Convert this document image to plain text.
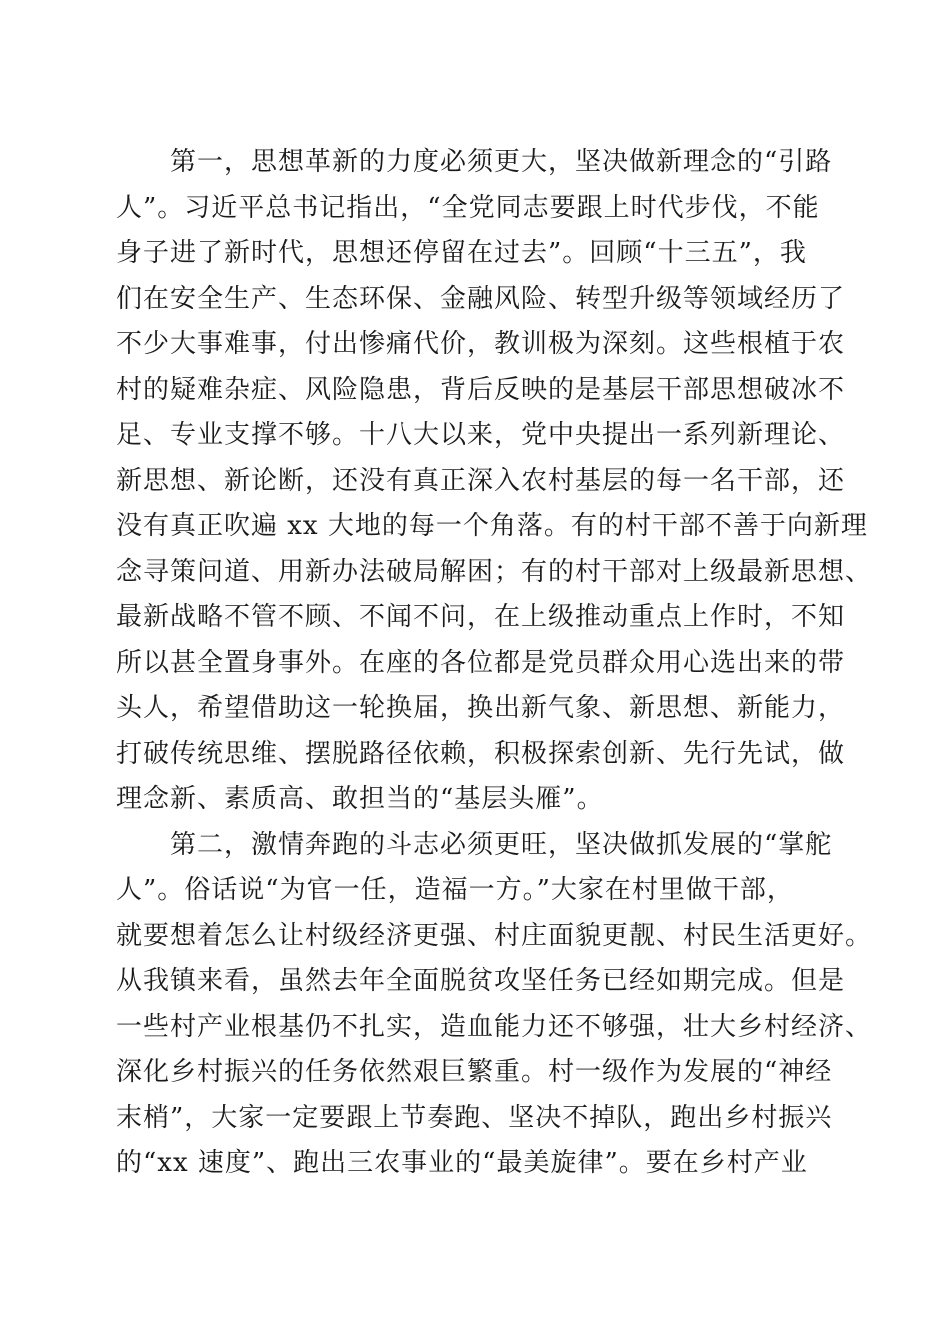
　　第一，思想革新的力度必须更大，坚决做新理念的“引路
人”。习近平总书记指出，“全党同志要跟上时代步伐，不能
身子进了新时代，思想还停留在过去”。回顾“十三五”，我
们在安全生产、生态环保、金融风险、转型升级等领域经历了
不少大事难事，付出惨痛代价，教训极为深刻。这些根植于农
村的疑难杂症、风险隐患，背后反映的是基层干部思想破冰不
足、专业支撑不够。十八大以来，党中央提出一系列新理论、
新思想、新论断，还没有真正深入农村基层的每一名干部，还
没有真正吹遍 xx 大地的每一个角落。有的村干部不善于向新理
念寻策问道、用新办法破局解困；有的村干部对上级最新思想、
最新战略不管不顾、不闻不问，在上级推动重点上作时，不知
所以甚全置身事外。在座的各位都是党员群众用心选出来的带
头人，希望借助这一轮换届，换出新气象、新思想、新能力，
打破传统思维、摆脱路径依赖，积极探索创新、先行先试，做
理念新、素质高、敢担当的“基层头雁”。
　　第二，激情奔跑的斗志必须更旺，坚决做抓发展的“掌舵
人”。俗话说“为官一任，造福一方。”大家在村里做干部，
就要想着怎么让村级经济更强、村庄面貌更靓、村民生活更好。
从我镇来看，虽然去年全面脱贫攻坚任务已经如期完成。但是
一些村产业根基仍不扎实，造血能力还不够强，壮大乡村经济、
深化乡村振兴的任务依然艰巨繁重。村一级作为发展的“神经
末梢”，大家一定要跟上节奏跑、坚决不掉队，跑出乡村振兴
的“xx 速度”、跑出三农事业的“最美旋律”。要在乡村产业
